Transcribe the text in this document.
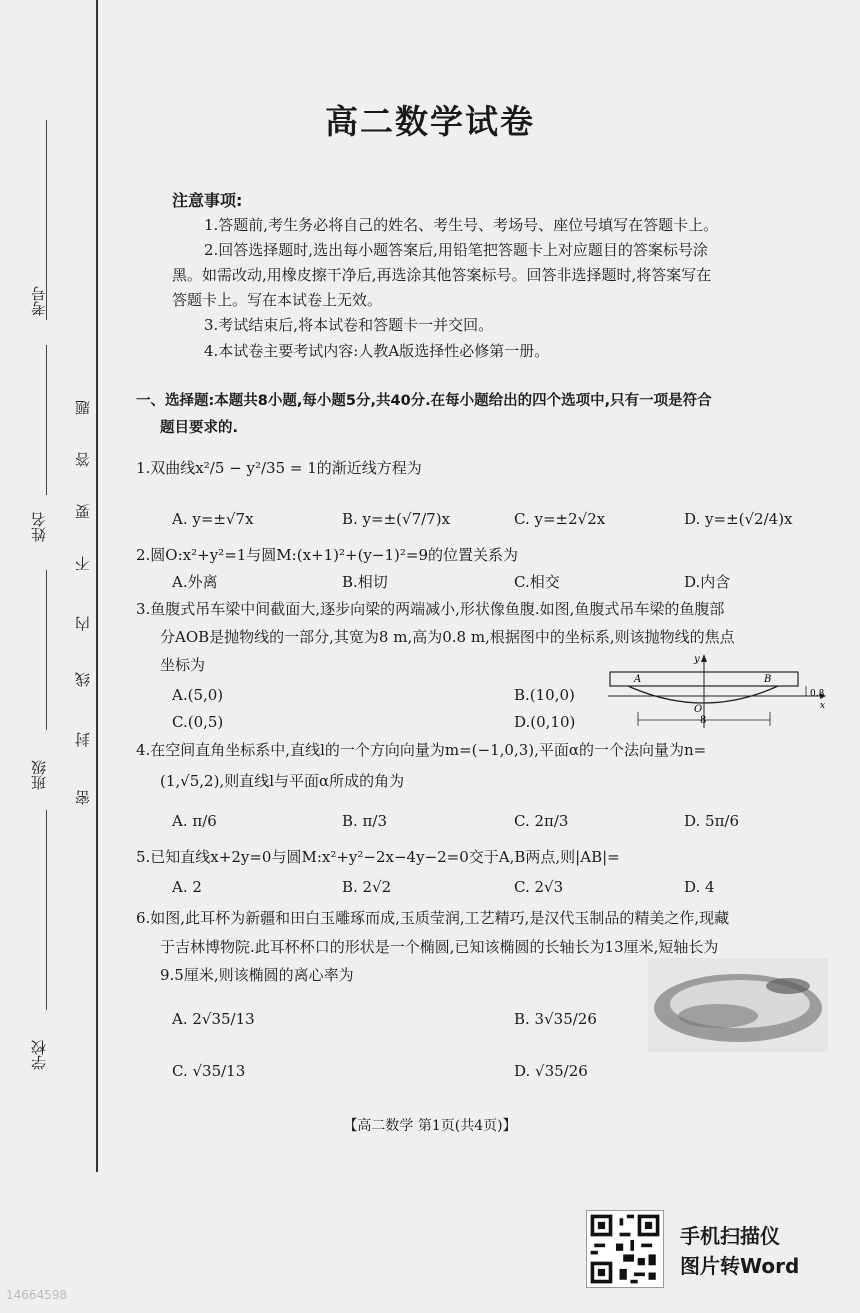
考号
姓名
班级
学校
题
答
要
不
内
线
封
密
高二数学试卷
注意事项:
1.答题前,考生务必将自己的姓名、考生号、考场号、座位号填写在答题卡上。
2.回答选择题时,选出每小题答案后,用铅笔把答题卡上对应题目的答案标号涂
黑。如需改动,用橡皮擦干净后,再选涂其他答案标号。回答非选择题时,将答案写在
答题卡上。写在本试卷上无效。
3.考试结束后,将本试卷和答题卡一并交回。
4.本试卷主要考试内容:人教A版选择性必修第一册。
一、选择题:本题共8小题,每小题5分,共40分.在每小题给出的四个选项中,只有一项是符合
题目要求的.
1.双曲线x²/5 − y²/35 = 1的渐近线方程为
A. y=±√7x	B. y=±(√7/7)x	C. y=±2√2x	D. y=±(√2/4)x
2.圆O:x²+y²=1与圆M:(x+1)²+(y−1)²=9的位置关系为
A.外离	B.相切	C.相交	D.内含
3.鱼腹式吊车梁中间截面大,逐步向梁的两端减小,形状像鱼腹.如图,鱼腹式吊车梁的鱼腹部
分AOB是抛物线的一部分,其宽为8 m,高为0.8 m,根据图中的坐标系,则该抛物线的焦点
坐标为
A.(5,0)	B.(10,0)
C.(0,5)	D.(0,10)
A	B
O
y
x
0.8
8
4.在空间直角坐标系中,直线l的一个方向向量为m=(−1,0,3),平面α的一个法向量为n=
(1,√5,2),则直线l与平面α所成的角为
A. π/6	B. π/3	C. 2π/3	D. 5π/6
5.已知直线x+2y=0与圆M:x²+y²−2x−4y−2=0交于A,B两点,则|AB|=
A. 2	B. 2√2	C. 2√3	D. 4
6.如图,此耳杯为新疆和田白玉雕琢而成,玉质莹润,工艺精巧,是汉代玉制品的精美之作,现藏
于吉林博物院.此耳杯杯口的形状是一个椭圆,已知该椭圆的长轴长为13厘米,短轴长为
9.5厘米,则该椭圆的离心率为
A. 2√35/13	B. 3√35/26
C. √35/13	D. √35/26
【高二数学 第1页(共4页)】
手机扫描仪
图片转Word
14664598
